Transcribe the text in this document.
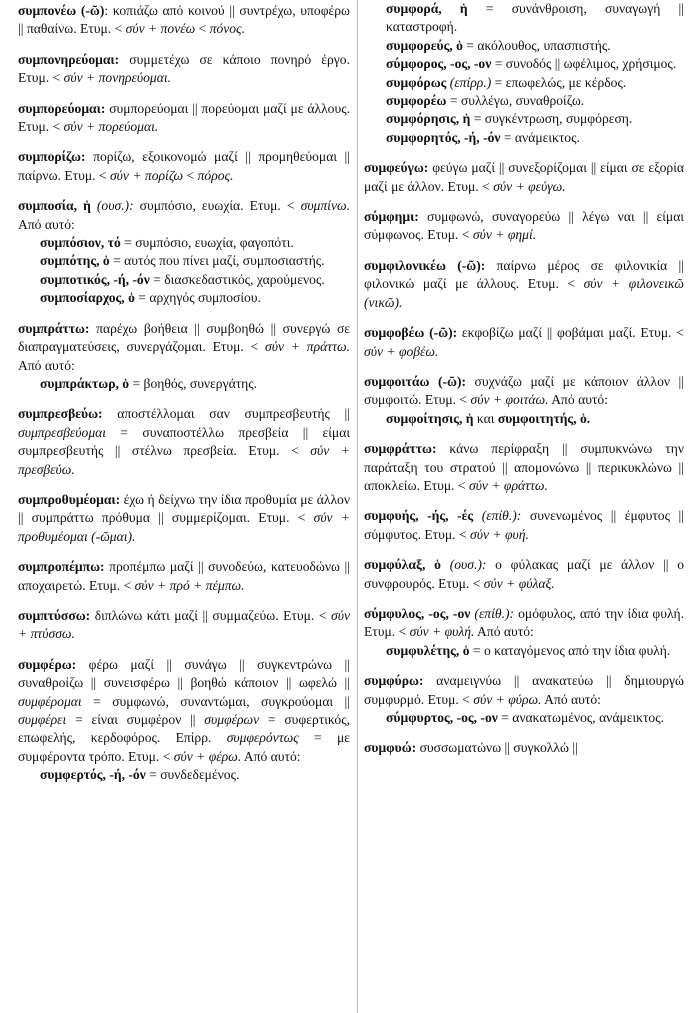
συμπονέω (-ῶ): κοπιάζω από κοινού || συντρέχω, υποφέρω || παθαίνω. Ετυμ. < σύν + πονέω < πόνος.
συμπονηρεύομαι: συμμετέχω σε κάποιο πονηρό έργο. Ετυμ. < σύν + πονηρεύομαι.
συμπορεύομαι: συμπορεύομαι || πορεύομαι μαζί με άλλους. Ετυμ. < σύν + πορεύομαι.
συμπορίζω: πορίζω, εξοικονομώ μαζί || προμηθεύομαι || παίρνω. Ετυμ. < σύν + πορίζω < πόρος.
συμποσία, ἡ (ουσ.): συμπόσιο, ευωχία. Ετυμ. < συμπίνω. Από αυτό:
συμπόσιον, τό = συμπόσιο, ευωχία, φαγοπότι.
συμπότης, ὁ = αυτός που πίνει μαζί, συμποσιαστής.
συμποτικός, -ή, -όν = διασκεδαστικός, χαρούμενος.
συμποσίαρχος, ὁ = αρχηγός συμποσίου.
συμπράττω: παρέχω βοήθεια || συμβοηθώ || συνεργώ σε διαπραγματεύσεις, συνεργάζομαι. Ετυμ. < σύν + πράττω. Από αυτό:
συμπράκτωρ, ὁ = βοηθός, συνεργάτης.
συμπρεσβεύω: αποστέλλομαι σαν συμπρεσβευτής || συμπρεσβεύομαι = συναποστέλλω πρεσβεία || είμαι συμπρεσβευτής || στέλνω πρεσβεία. Ετυμ. < σύν + πρεσβεύω.
συμπροθυμέομαι: έχω ή δείχνω την ίδια προθυμία με άλλον || συμπράττω πρόθυμα || συμμερίζομαι. Ετυμ. < σύν + προθυμέομαι (-ῶμαι).
συμπροπέμπω: προπέμπω μαζί || συνοδεύω, κατευοδώνω || αποχαιρετώ. Ετυμ. < σύν + πρό + πέμπω.
συμπτύσσω: διπλώνω κάτι μαζί || συμμαζεύω. Ετυμ. < σύν + πτύσσω.
συμφέρω: φέρω μαζί || συνάγω || συγκεντρώνω || συναθροίζω || συνεισφέρω || βοηθώ κάποιον || ωφελώ || συμφέρομαι = συμφωνώ, συναντώμαι, συγκρούομαι || συμφέρει = είναι συμφέρον || συμφέρων = συφερτικός, επωφελής, κερδοφόρος. Επίρρ. συμφερόντως = με συμφέροντα τρόπο. Ετυμ. < σύν + φέρω. Από αυτό:
συμφερτός, -ή, -όν = συνδεδεμένος.
συμφορά, ἡ = συνάνθροιση, συναγωγή || καταστροφή.
συμφορεύς, ὁ = ακόλουθος, υπασπιστής.
σύμφορος, -ος, -ον = συνοδός || ωφέλιμος, χρήσιμος.
συμφόρως (επίρρ.) = επωφελώς, με κέρδος.
συμφορέω = συλλέγω, συναθροίζω.
συμφόρησις, ἡ = συγκέντρωση, συμφόρεση.
συμφορητός, -ή, -όν = ανάμεικτος.
συμφεύγω: φεύγω μαζί || συνεξορίζομαι || είμαι σε εξορία μαζί με άλλον. Ετυμ. < σύν + φεύγω.
σύμφημι: συμφωνώ, συναγορεύω || λέγω ναι || είμαι σύμφωνος. Ετυμ. < σύν + φημί.
συμφιλονικέω (-ῶ): παίρνω μέρος σε φιλονικία || φιλονικώ μαζί με άλλους. Ετυμ. < σύν + φιλονεικῶ (νικῶ).
συμφοβέω (-ῶ): εκφοβίζω μαζί || φοβάμαι μαζί. Ετυμ. < σύν + φοβέω.
συμφοιτάω (-ῶ): συχνάζω μαζί με κάποιον άλλον || συμφοιτώ. Ετυμ. < σύν + φοιτάω. Από αυτό:
συμφοίτησις, ἡ και συμφοιτητής, ὁ.
συμφράττω: κάνω περίφραξη || συμπυκνώνω την παράταξη του στρατού || απομονώνω || περικυκλώνω || αποκλείω. Ετυμ. < σύν + φράττω.
συμφυής, -ής, -ές (επίθ.): συνενωμένος || έμφυτος || σύμφυτος. Ετυμ. < σύν + φυή.
συμφύλαξ, ὁ (ουσ.): ο φύλακας μαζί με άλλον || ο συνφρουρός. Ετυμ. < σύν + φύλαξ.
σύμφυλος, -ος, -ον (επίθ.): ομόφυλος, από την ίδια φυλή. Ετυμ. < σύν + φυλή. Από αυτό:
συμφυλέτης, ὁ = ο καταγόμενος από την ίδια φυλή.
συμφύρω: αναμειγνύω || ανακατεύω || δημιουργώ συμφυρμό. Ετυμ. < σύν + φύρω. Από αυτό:
σύμφυρτος, -ος, -ον = ανακατωμένος, ανάμεικτος.
συμφυώ: συσσωματώνω || συγκολλώ ||
